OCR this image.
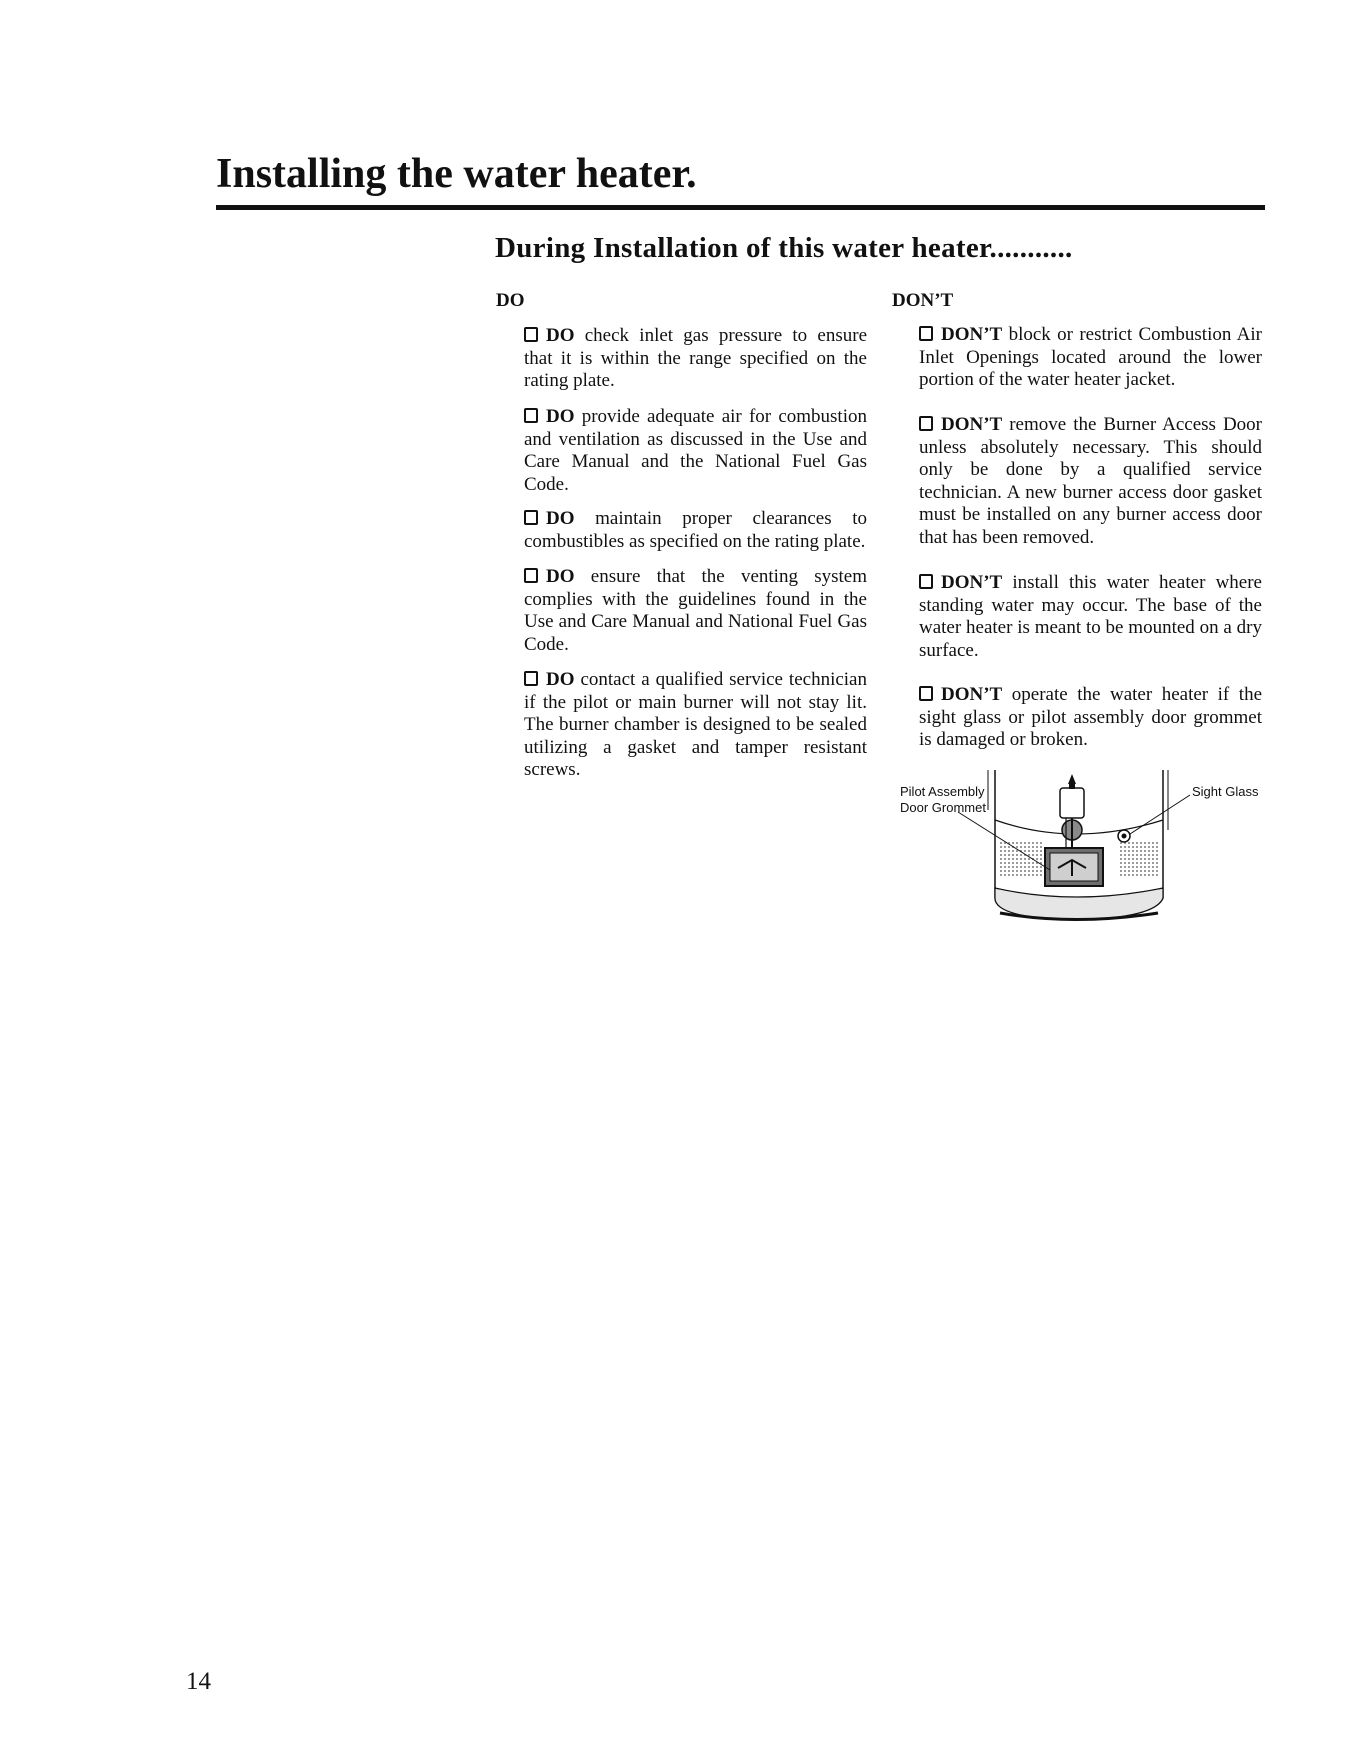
Installing the water heater.
During Installation of this water heater...........
DO	DON’T
DO check inlet gas pressure to ensure that it is within the range specified on the rating plate.
DO provide adequate air for combustion and ventilation as discussed in the Use and Care Manual and the National Fuel Gas Code.
DO maintain proper clearances to combustibles as specified on the rating plate.
DO ensure that the venting system complies with the guidelines found in the Use and Care Manual and National Fuel Gas Code.
DO contact a qualified service technician if the pilot or main burner will not stay lit. The burner chamber is designed to be sealed utilizing a gasket and tamper resistant screws.
DON’T block or restrict Combustion Air Inlet Openings located around the lower portion of the water heater jacket.
DON’T remove the Burner Access Door unless absolutely necessary. This should only be done by a qualified service technician. A new burner access door gasket must be installed on any burner access door that has been removed.
DON’T install this water heater where standing water may occur. The base of the water heater is meant to be mounted on a dry surface.
DON’T operate the water heater if the sight glass or pilot assembly door grommet is damaged or broken.
Pilot Assembly
Door Grommet
Sight Glass
14
